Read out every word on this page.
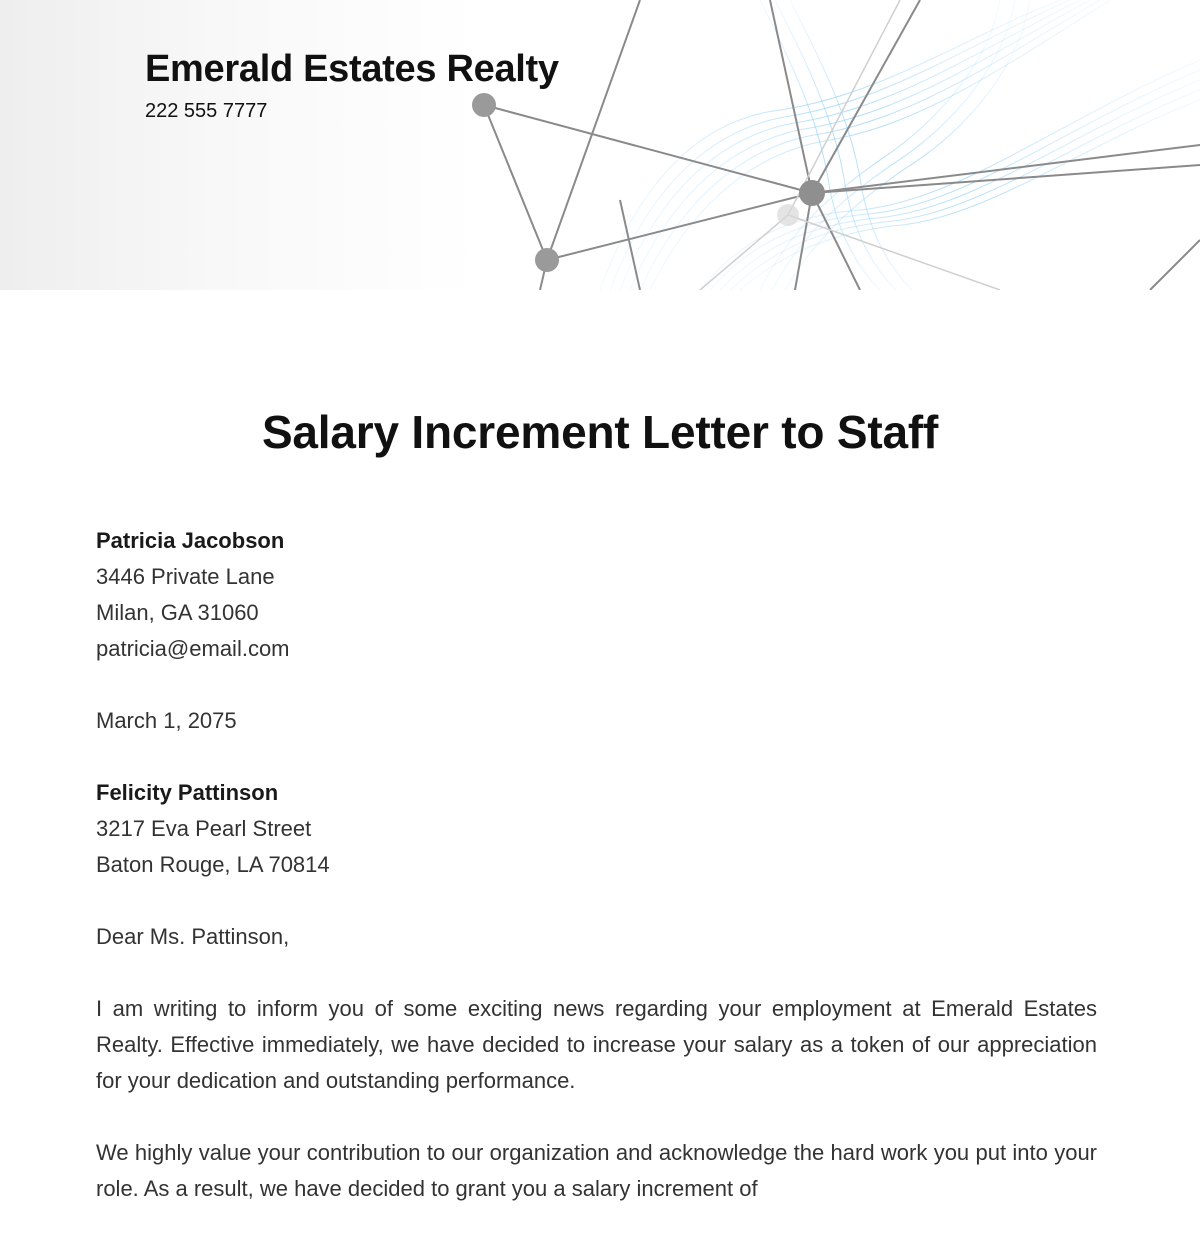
Emerald Estates Realty

222 555 7777

Salary Increment Letter to Staff
Patricia Jacobson
3446 Private Lane
Milan, GA 31060
patricia@email.com
March 1, 2075
Felicity Pattinson
3217 Eva Pearl Street
Baton Rouge, LA 70814
Dear Ms. Pattinson,

I am writing to inform you of some exciting news regarding your employment at Emerald Estates Realty. Effective immediately, we have decided to increase your salary as a token of our appreciation for your dedication and outstanding performance.

We highly value your contribution to our organization and acknowledge the hard work you put into your role. As a result, we have decided to grant you a salary increment of
